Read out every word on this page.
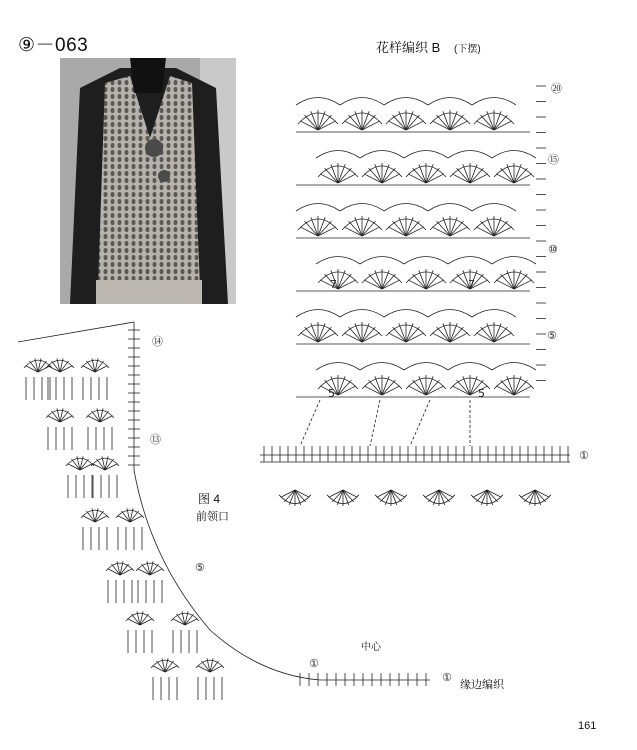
⑨－063	花样编织 B (下摆)
⑳
⑮
⑩
⑤
①
7	7
5	5
⑭
⑬
⑤
①
①
图 4
前领口
中心
缘边编织
161
